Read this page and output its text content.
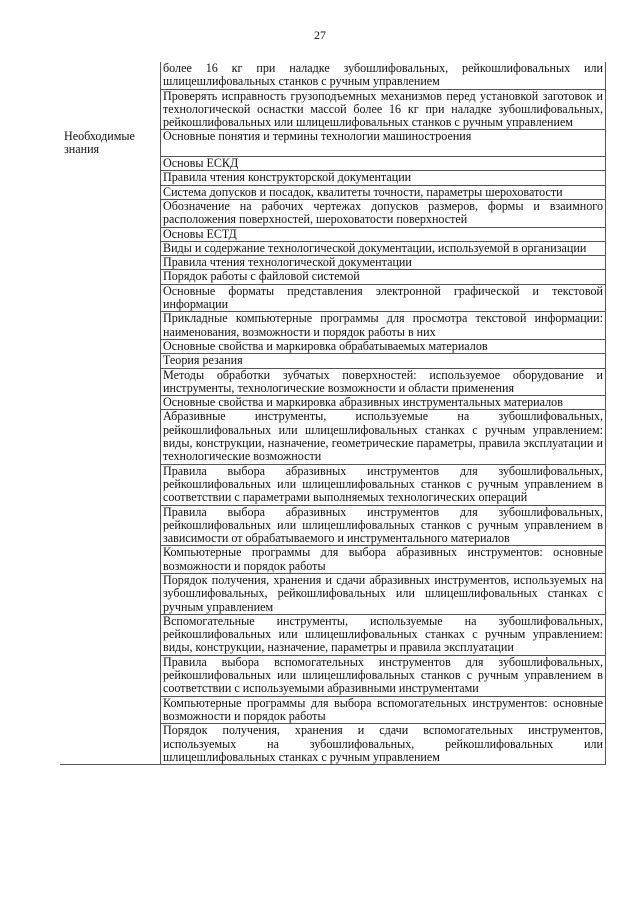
27
	более 16 кг при наладке зубошлифовальных, рейкошлифовальных или шлицешлифовальных станков с ручным управлением
	Проверять исправность грузоподъемных механизмов перед установкой заготовок и технологической оснастки массой более 16 кг при наладке зубошлифовальных, рейкошлифовальных или шлицешлифовальных станков с ручным управлением
Необходимые знания	Основные понятия и термины технологии машиностроения
	Основы ЕСКД
	Правила чтения конструкторской документации
	Система допусков и посадок, квалитеты точности, параметры шероховатости
	Обозначение на рабочих чертежах допусков размеров, формы и взаимного расположения поверхностей, шероховатости поверхностей
	Основы ЕСТД
	Виды и содержание технологической документации, используемой в организации
	Правила чтения технологической документации
	Порядок работы с файловой системой
	Основные форматы представления электронной графической и текстовой информации
	Прикладные компьютерные программы для просмотра текстовой информации: наименования, возможности и порядок работы в них
	Основные свойства и маркировка обрабатываемых материалов
	Теория резания
	Методы обработки зубчатых поверхностей: используемое оборудование и инструменты, технологические возможности и области применения
	Основные свойства и маркировка абразивных инструментальных материалов
	Абразивные инструменты, используемые на зубошлифовальных, рейкошлифовальных или шлицешлифовальных станках с ручным управлением: виды, конструкции, назначение, геометрические параметры, правила эксплуатации и технологические возможности
	Правила выбора абразивных инструментов для зубошлифовальных, рейкошлифовальных или шлицешлифовальных станков с ручным управлением в соответствии с параметрами выполняемых технологических операций
	Правила выбора абразивных инструментов для зубошлифовальных, рейкошлифовальных или шлицешлифовальных станков с ручным управлением в зависимости от обрабатываемого и инструментального материалов
	Компьютерные программы для выбора абразивных инструментов: основные возможности и порядок работы
	Порядок получения, хранения и сдачи абразивных инструментов, используемых на зубошлифовальных, рейкошлифовальных или шлицешлифовальных станках с ручным управлением
	Вспомогательные инструменты, используемые на зубошлифовальных, рейкошлифовальных или шлицешлифовальных станках с ручным управлением: виды, конструкции, назначение, параметры и правила эксплуатации
	Правила выбора вспомогательных инструментов для зубошлифовальных, рейкошлифовальных или шлицешлифовальных станков с ручным управлением в соответствии с используемыми абразивными инструментами
	Компьютерные программы для выбора вспомогательных инструментов: основные возможности и порядок работы
	Порядок получения, хранения и сдачи вспомогательных инструментов, используемых на зубошлифовальных, рейкошлифовальных или шлицешлифовальных станках с ручным управлением
